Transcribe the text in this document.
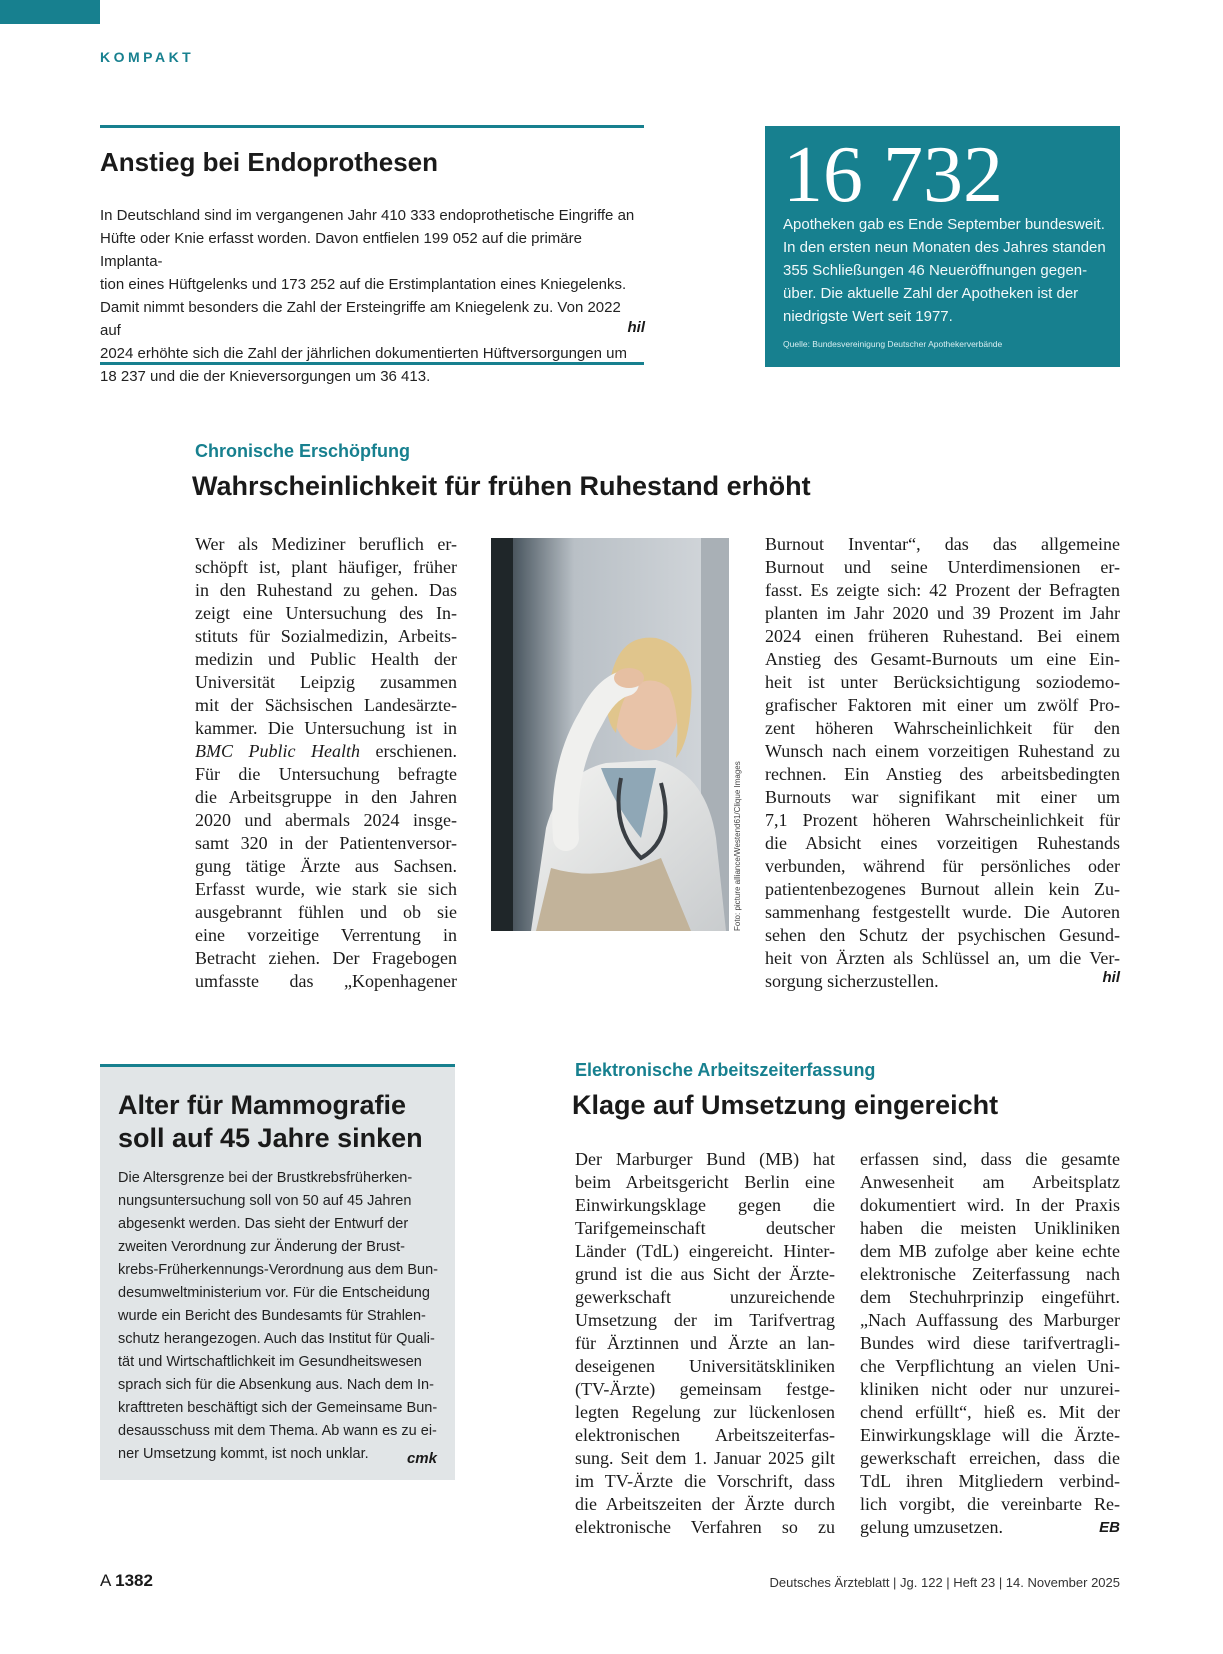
KOMPAKT
Anstieg bei Endoprothesen
In Deutschland sind im vergangenen Jahr 410 333 endoprothetische Eingriffe an
Hüfte oder Knie erfasst worden. Davon entfielen 199 052 auf die primäre Implanta-
tion eines Hüftgelenks und 173 252 auf die Erstimplantation eines Kniegelenks.
Damit nimmt besonders die Zahl der Ersteingriffe am Kniegelenk zu. Von 2022 auf
2024 erhöhte sich die Zahl der jährlichen dokumentierten Hüftversorgungen um
18 237 und die der Knieversorgungen um 36 413.
hil
16 732
Apotheken gab es Ende September bundesweit.
In den ersten neun Monaten des Jahres standen
355 Schließungen 46 Neueröffnungen gegen-
über. Die aktuelle Zahl der Apotheken ist der
niedrigste Wert seit 1977.
Quelle: Bundesvereinigung Deutscher Apothekerverbände
Chronische Erschöpfung
Wahrscheinlichkeit für frühen Ruhestand erhöht

Wer als Mediziner beruflich er-

schöpft ist, plant häufiger, früher

in den Ruhestand zu gehen. Das

zeigt eine Untersuchung des In-

stituts für Sozialmedizin, Arbeits-

medizin und Public Health der

Universität Leipzig zusammen

mit der Sächsischen Landesärzte-

kammer. Die Untersuchung ist in

BMC Public Health erschienen.

Für die Untersuchung befragte

die Arbeitsgruppe in den Jahren

2020 und abermals 2024 insge-

samt 320 in der Patientenversor-

gung tätige Ärzte aus Sachsen.

Erfasst wurde, wie stark sie sich

ausgebrannt fühlen und ob sie

eine vorzeitige Verrentung in

Betracht ziehen. Der Fragebogen

umfasste das „Kopenhagener

Foto: picture alliance/Westend61/Clique Images

Burnout Inventar“, das das allgemeine

Burnout und seine Unterdimensionen er-

fasst. Es zeigte sich: 42 Prozent der Befragten

planten im Jahr 2020 und 39 Prozent im Jahr

2024 einen früheren Ruhestand. Bei einem

Anstieg des Gesamt-Burnouts um eine Ein-

heit ist unter Berücksichtigung soziodemo-

grafischer Faktoren mit einer um zwölf Pro-

zent höheren Wahrscheinlichkeit für den

Wunsch nach einem vorzeitigen Ruhestand zu

rechnen. Ein Anstieg des arbeitsbedingten

Burnouts war signifikant mit einer um

7,1 Prozent höheren Wahrscheinlichkeit für

die Absicht eines vorzeitigen Ruhestands

verbunden, während für persönliches oder

patientenbezogenes Burnout allein kein Zu-

sammenhang festgestellt wurde. Die Autoren

sehen den Schutz der psychischen Gesund-

heit von Ärzten als Schlüssel an, um die Ver-

sorgung sicherzustellen.	hil
Alter für Mammografie
soll auf 45 Jahre sinken
Die Altersgrenze bei der Brustkrebsfrüherken-
nungsuntersuchung soll von 50 auf 45 Jahren
abgesenkt werden. Das sieht der Entwurf der
zweiten Verordnung zur Änderung der Brust-
krebs-Früherkennungs-Verordnung aus dem Bun-
desumweltministerium vor. Für die Entscheidung
wurde ein Bericht des Bundesamts für Strahlen-
schutz herangezogen. Auch das Institut für Quali-
tät und Wirtschaftlichkeit im Gesundheitswesen
sprach sich für die Absenkung aus. Nach dem In-
krafttreten beschäftigt sich der Gemeinsame Bun-
desausschuss mit dem Thema. Ab wann es zu ei-
ner Umsetzung kommt, ist noch unklar.	cmk
Elektronische Arbeitszeiterfassung
Klage auf Umsetzung eingereicht

Der Marburger Bund (MB) hat

beim Arbeitsgericht Berlin eine

Einwirkungsklage gegen die

Tarifgemeinschaft deutscher

Länder (TdL) eingereicht. Hinter-

grund ist die aus Sicht der Ärzte-

gewerkschaft unzureichende

Umsetzung der im Tarifvertrag

für Ärztinnen und Ärzte an lan-

deseigenen Universitätskliniken

(TV-Ärzte) gemeinsam festge-

legten Regelung zur lückenlosen

elektronischen Arbeitszeiterfas-

sung. Seit dem 1. Januar 2025 gilt

im TV-Ärzte die Vorschrift, dass

die Arbeitszeiten der Ärzte durch

elektronische Verfahren so zu

erfassen sind, dass die gesamte

Anwesenheit am Arbeitsplatz

dokumentiert wird. In der Praxis

haben die meisten Unikliniken

dem MB zufolge aber keine echte

elektronische Zeiterfassung nach

dem Stechuhrprinzip eingeführt.

„Nach Auffassung des Marburger

Bundes wird diese tarifvertragli-

che Verpflichtung an vielen Uni-

kliniken nicht oder nur unzurei-

chend erfüllt“, hieß es. Mit der

Einwirkungsklage will die Ärzte-

gewerkschaft erreichen, dass die

TdL ihren Mitgliedern verbind-

lich vorgibt, die vereinbarte Re-

gelung umzusetzen.	EB
A 1382	Deutsches Ärzteblatt | Jg. 122 | Heft 23 | 14. November 2025
